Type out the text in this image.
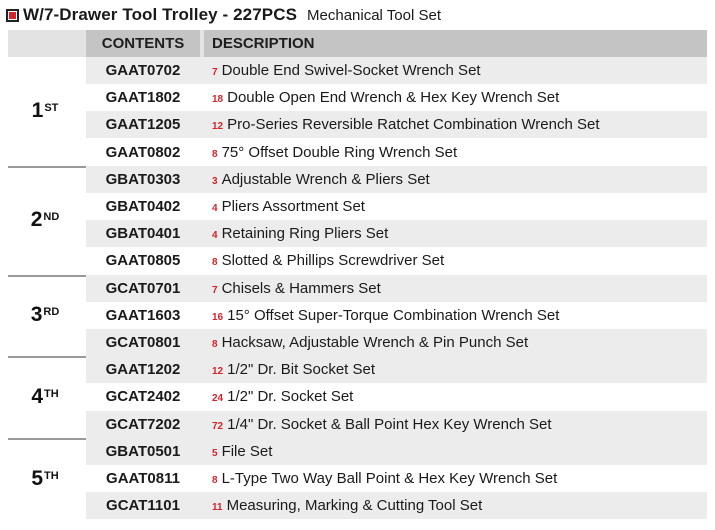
W/7-Drawer Tool Trolley - 227PCS Mechanical Tool Set
CONTENTS	DESCRIPTION
1ST
GAAT0702	7 Double End Swivel-Socket Wrench Set
GAAT1802	18 Double Open End Wrench & Hex Key Wrench Set
GAAT1205	12 Pro-Series Reversible Ratchet Combination Wrench Set
GAAT0802	8 75° Offset Double Ring Wrench Set
2ND
GBAT0303	3 Adjustable Wrench & Pliers Set
GBAT0402	4 Pliers Assortment Set
GBAT0401	4 Retaining Ring Pliers Set
GAAT0805	8 Slotted & Phillips Screwdriver Set
3RD
GCAT0701	7 Chisels & Hammers Set
GAAT1603	16 15° Offset Super-Torque Combination Wrench Set
GCAT0801	8 Hacksaw, Adjustable Wrench & Pin Punch Set
4TH
GAAT1202	12 1/2" Dr. Bit Socket Set
GCAT2402	24 1/2" Dr. Socket Set
GCAT7202	72 1/4" Dr. Socket & Ball Point Hex Key Wrench Set
5TH
GBAT0501	5 File Set
GAAT0811	8 L-Type Two Way Ball Point & Hex Key Wrench Set
GCAT1101	11 Measuring, Marking & Cutting Tool Set
